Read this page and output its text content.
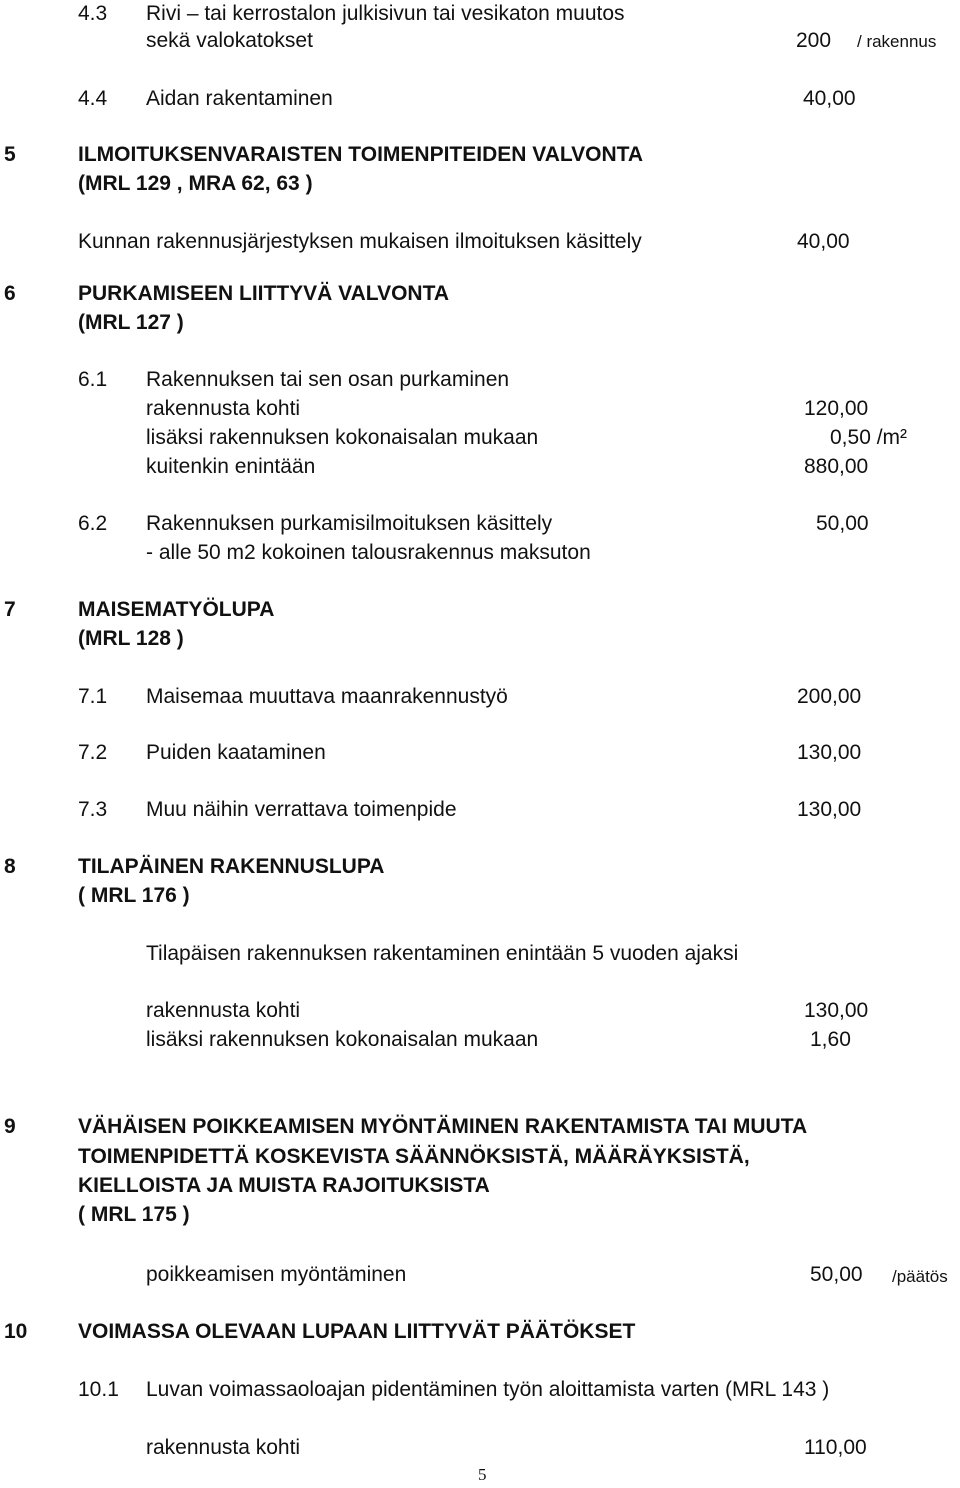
4.3 Rivi – tai kerrostalon julkisivun tai vesikaton muutos
sekä valokatokset	200 / rakennus
4.4 Aidan rakentaminen	40,00
5	ILMOITUKSENVARAISTEN TOIMENPITEIDEN VALVONTA
(MRL 129 , MRA 62, 63 )
Kunnan rakennusjärjestyksen mukaisen ilmoituksen käsittely	40,00
6	PURKAMISEEN LIITTYVÄ VALVONTA
(MRL 127 )
6.1 Rakennuksen tai sen osan purkaminen
rakennusta kohti	120,00
lisäksi rakennuksen kokonaisalan mukaan	0,50 /m²
kuitenkin enintään	880,00
6.2 Rakennuksen purkamisilmoituksen käsittely	50,00
- alle 50 m2 kokoinen talousrakennus maksuton
7	MAISEMATYÖLUPA
(MRL 128 )
7.1 Maisemaa muuttava maanrakennustyö	200,00
7.2 Puiden kaataminen	130,00
7.3 Muu näihin verrattava toimenpide	130,00
8	TILAPÄINEN RAKENNUSLUPA
( MRL 176 )
Tilapäisen rakennuksen rakentaminen enintään 5 vuoden ajaksi
rakennusta kohti	130,00
lisäksi rakennuksen kokonaisalan mukaan	1,60
9	VÄHÄISEN POIKKEAMISEN MYÖNTÄMINEN RAKENTAMISTA TAI MUUTA
TOIMENPIDETTÄ KOSKEVISTA SÄÄNNÖKSISTÄ, MÄÄRÄYKSISTÄ,
KIELLOISTA JA MUISTA RAJOITUKSISTA
( MRL 175 )
poikkeamisen myöntäminen	50,00 /päätös
10 VOIMASSA OLEVAAN LUPAAN LIITTYVÄT PÄÄTÖKSET
10.1 Luvan voimassaoloajan pidentäminen työn aloittamista varten (MRL 143 )
rakennusta kohti	110,00
5
